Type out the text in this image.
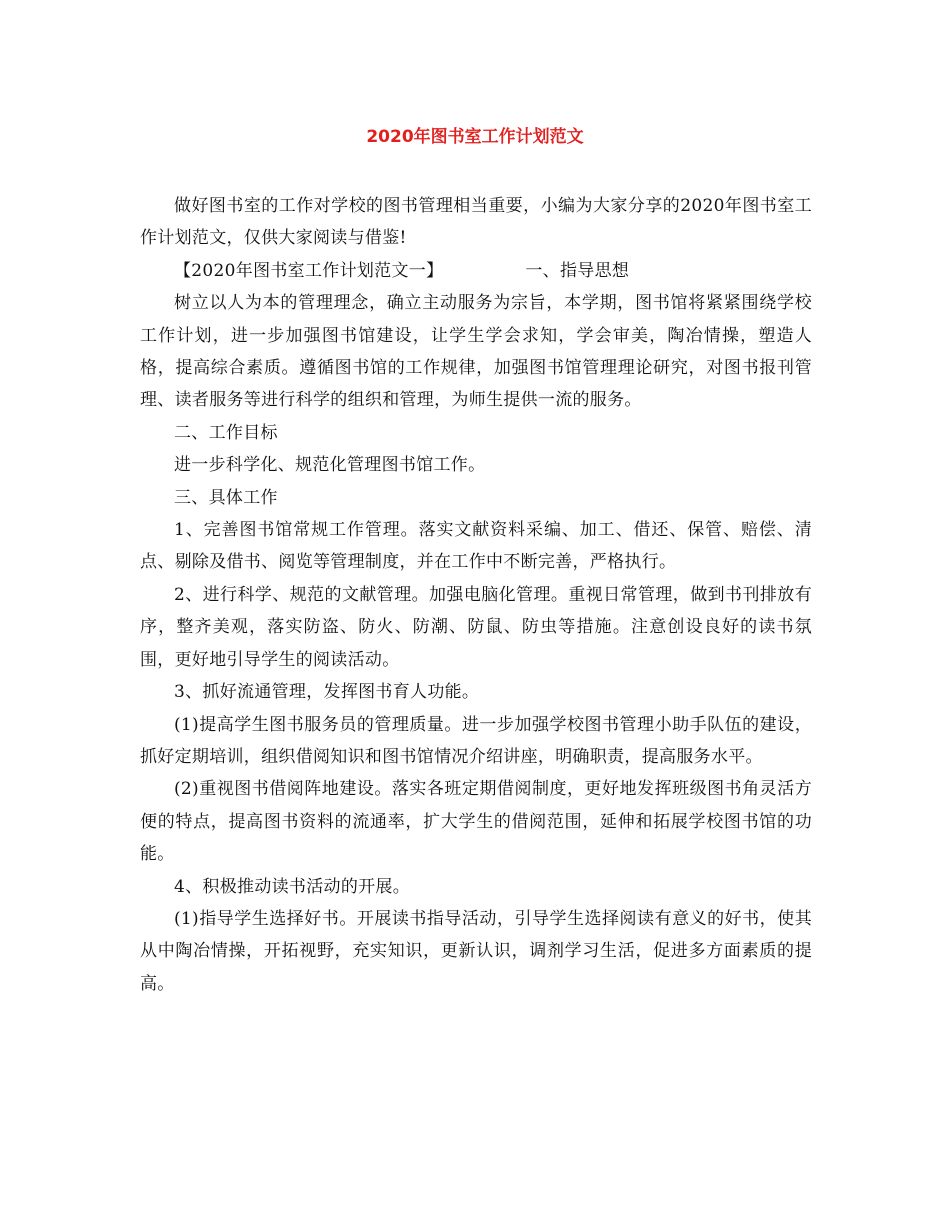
2020年图书室工作计划范文

做好图书室的工作对学校的图书管理相当重要，小编为大家分享的2020年图书室工作计划范文，仅供大家阅读与借鉴!

【2020年图书室工作计划范文一】	一、指导思想

树立以人为本的管理理念，确立主动服务为宗旨，本学期，图书馆将紧紧围绕学校工作计划，进一步加强图书馆建设，让学生学会求知，学会审美，陶冶情操，塑造人格，提高综合素质。遵循图书馆的工作规律，加强图书馆管理理论研究，对图书报刊管理、读者服务等进行科学的组织和管理，为师生提供一流的服务。

二、工作目标

进一步科学化、规范化管理图书馆工作。

三、具体工作

1、完善图书馆常规工作管理。落实文献资料采编、加工、借还、保管、赔偿、清点、剔除及借书、阅览等管理制度，并在工作中不断完善，严格执行。

2、进行科学、规范的文献管理。加强电脑化管理。重视日常管理，做到书刊排放有序，整齐美观，落实防盗、防火、防潮、防鼠、防虫等措施。注意创设良好的读书氛围，更好地引导学生的阅读活动。

3、抓好流通管理，发挥图书育人功能。

(1)提高学生图书服务员的管理质量。进一步加强学校图书管理小助手队伍的建设，抓好定期培训，组织借阅知识和图书馆情况介绍讲座，明确职责，提高服务水平。

(2)重视图书借阅阵地建设。落实各班定期借阅制度，更好地发挥班级图书角灵活方便的特点，提高图书资料的流通率，扩大学生的借阅范围，延伸和拓展学校图书馆的功能。

4、积极推动读书活动的开展。

(1)指导学生选择好书。开展读书指导活动，引导学生选择阅读有意义的好书，使其从中陶冶情操，开拓视野，充实知识，更新认识，调剂学习生活，促进多方面素质的提高。
